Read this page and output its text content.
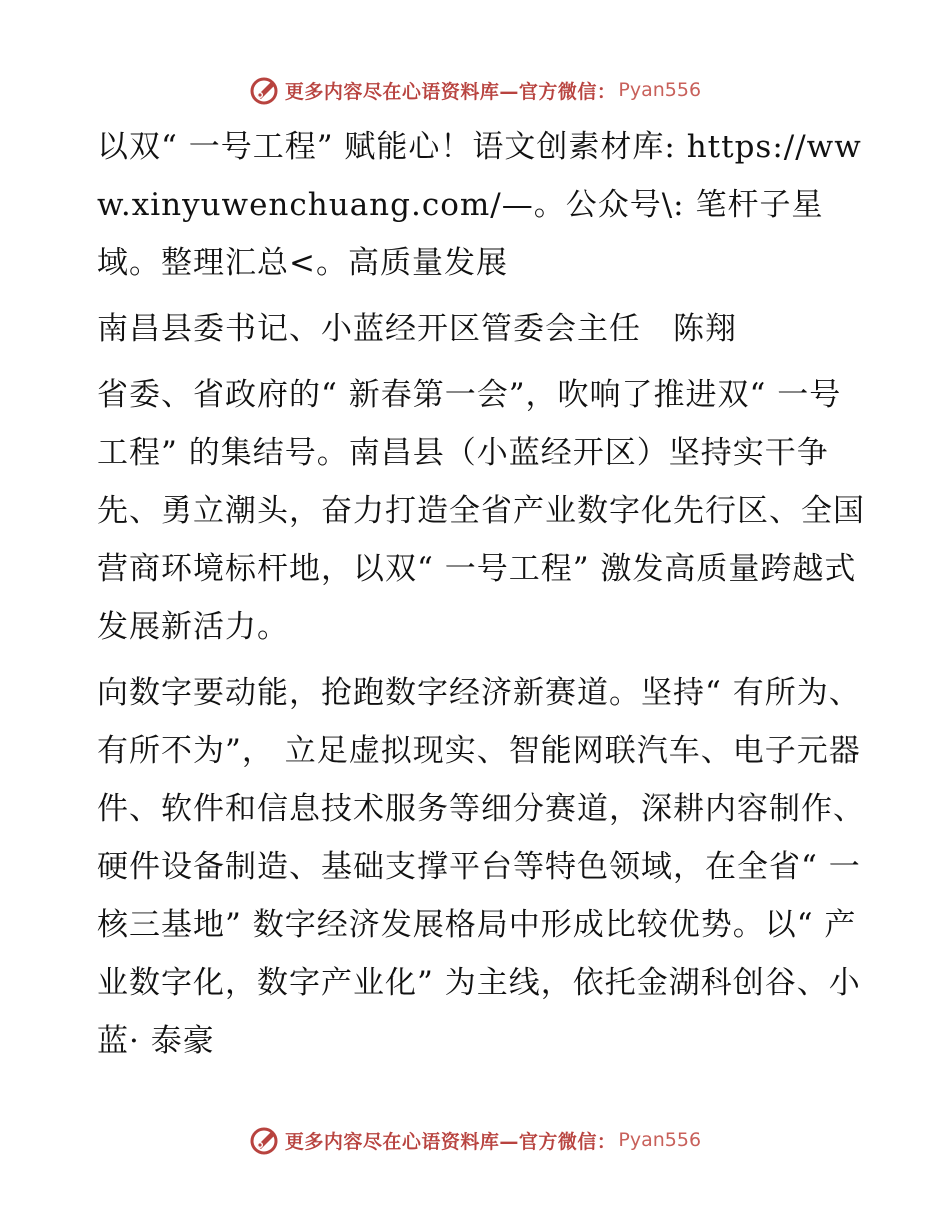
更多内容尽在心语资料库—官方微信： Pyan556

以双“ 一号工程” 赋能心！语文创素材库: https://www.xinyuwenchuang.com/—。公众号\: 笔杆子星域。整理汇总<。高质量发展

南昌县委书记、小蓝经开区管委会主任　陈翔

省委、省政府的“ 新春第一会”，吹响了推进双“ 一号工程” 的集结号。南昌县（小蓝经开区）坚持实干争先、勇立潮头，奋力打造全省产业数字化先行区、全国营商环境标杆地，以双“ 一号工程” 激发高质量跨越式发展新活力。

向数字要动能，抢跑数字经济新赛道。坚持“ 有所为、有所不为”， 立足虚拟现实、智能网联汽车、电子元器件、软件和信息技术服务等细分赛道，深耕内容制作、硬件设备制造、基础支撑平台等特色领域，在全省“ 一核三基地” 数字经济发展格局中形成比较优势。以“ 产业数字化，数字产业化” 为主线，依托金湖科创谷、小蓝· 泰豪

更多内容尽在心语资料库—官方微信： Pyan556
